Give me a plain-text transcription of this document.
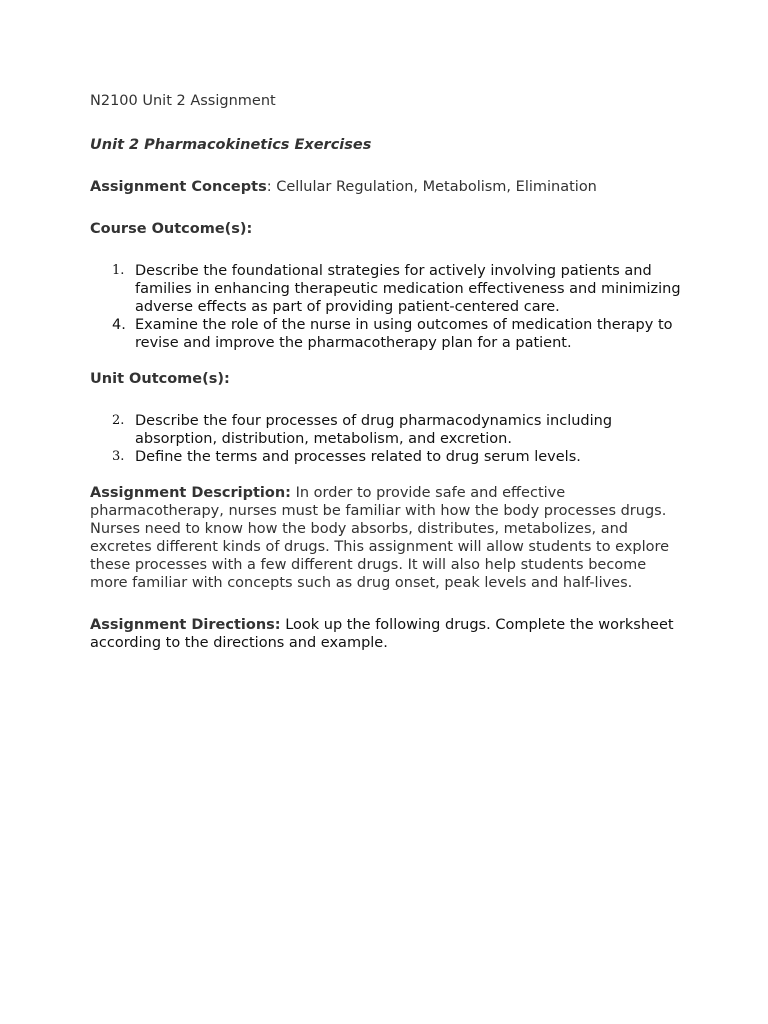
N2100 Unit 2 Assignment

Unit 2 Pharmacokinetics Exercises

Assignment Concepts: Cellular Regulation, Metabolism, Elimination

Course Outcome(s):

1. Describe the foundational strategies for actively involving patients and families in enhancing therapeutic medication effectiveness and minimizing adverse effects as part of providing patient-centered care.
4. Examine the role of the nurse in using outcomes of medication therapy to revise and improve the pharmacotherapy plan for a patient.

Unit Outcome(s):

2. Describe the four processes of drug pharmacodynamics including absorption, distribution, metabolism, and excretion.
3. Define the terms and processes related to drug serum levels.

Assignment Description: In order to provide safe and effective pharmacotherapy, nurses must be familiar with how the body processes drugs. Nurses need to know how the body absorbs, distributes, metabolizes, and excretes different kinds of drugs. This assignment will allow students to explore these processes with a few different drugs. It will also help students become more familiar with concepts such as drug onset, peak levels and half-lives.

Assignment Directions: Look up the following drugs. Complete the worksheet according to the directions and example.
